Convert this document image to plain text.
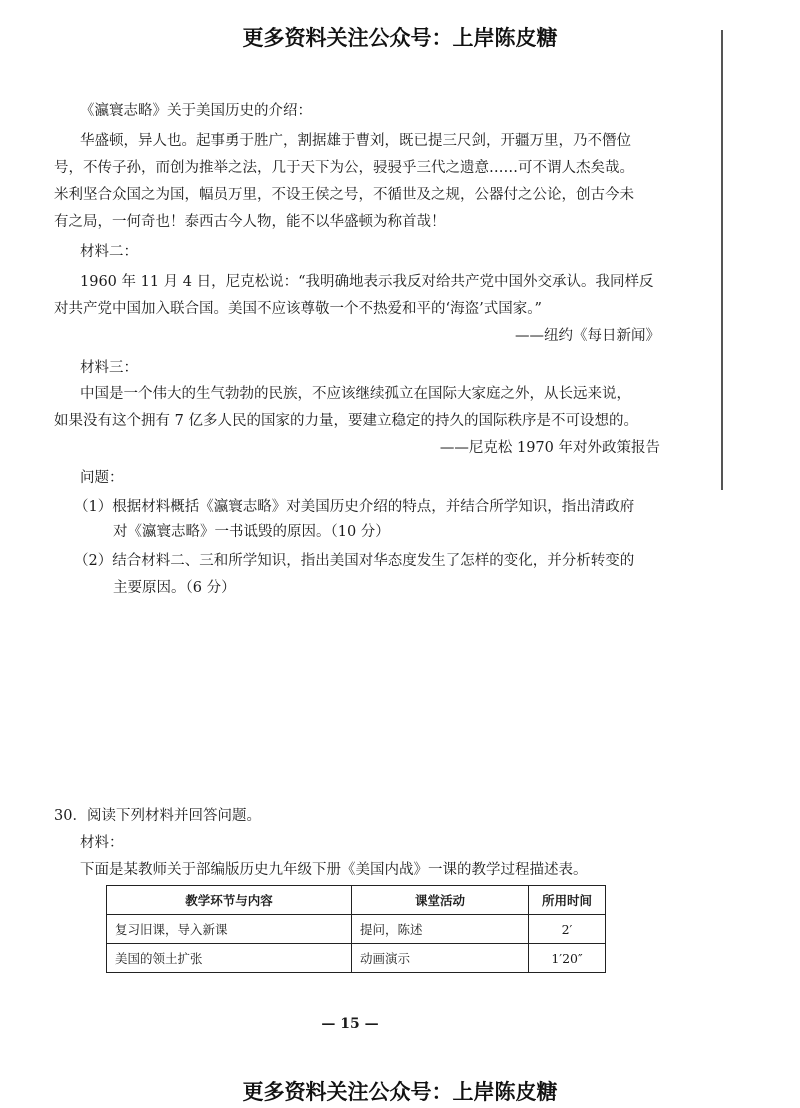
更多资料关注公众号：上岸陈皮糖
《瀛寰志略》关于美国历史的介绍：
华盛顿，异人也。起事勇于胜广，割据雄于曹刘，既已提三尺剑，开疆万里，乃不僭位
号，不传子孙，而创为推举之法，几于天下为公，骎骎乎三代之遗意……可不谓人杰矣哉。
米利坚合众国之为国，幅员万里，不设王侯之号，不循世及之规，公器付之公论，创古今未
有之局，一何奇也！泰西古今人物，能不以华盛顿为称首哉！
材料二：
1960 年 11 月 4 日，尼克松说：“我明确地表示我反对给共产党中国外交承认。我同样反
对共产党中国加入联合国。美国不应该尊敬一个不热爱和平的‘海盗’式国家。”
——纽约《每日新闻》
材料三：
中国是一个伟大的生气勃勃的民族，不应该继续孤立在国际大家庭之外，从长远来说，
如果没有这个拥有 7 亿多人民的国家的力量，要建立稳定的持久的国际秩序是不可设想的。
——尼克松 1970 年对外政策报告
问题：
（1）根据材料概括《瀛寰志略》对美国历史介绍的特点，并结合所学知识，指出清政府
对《瀛寰志略》一书诋毁的原因。（10 分）
（2）结合材料二、三和所学知识，指出美国对华态度发生了怎样的变化，并分析转变的
主要原因。（6 分）
30．阅读下列材料并回答问题。
材料：
下面是某教师关于部编版历史九年级下册《美国内战》一课的教学过程描述表。
教学环节与内容	课堂活动	所用时间
复习旧课，导入新课	提问，陈述	2′
美国的领土扩张	动画演示	1′20″
— 15 —
更多资料关注公众号：上岸陈皮糖
